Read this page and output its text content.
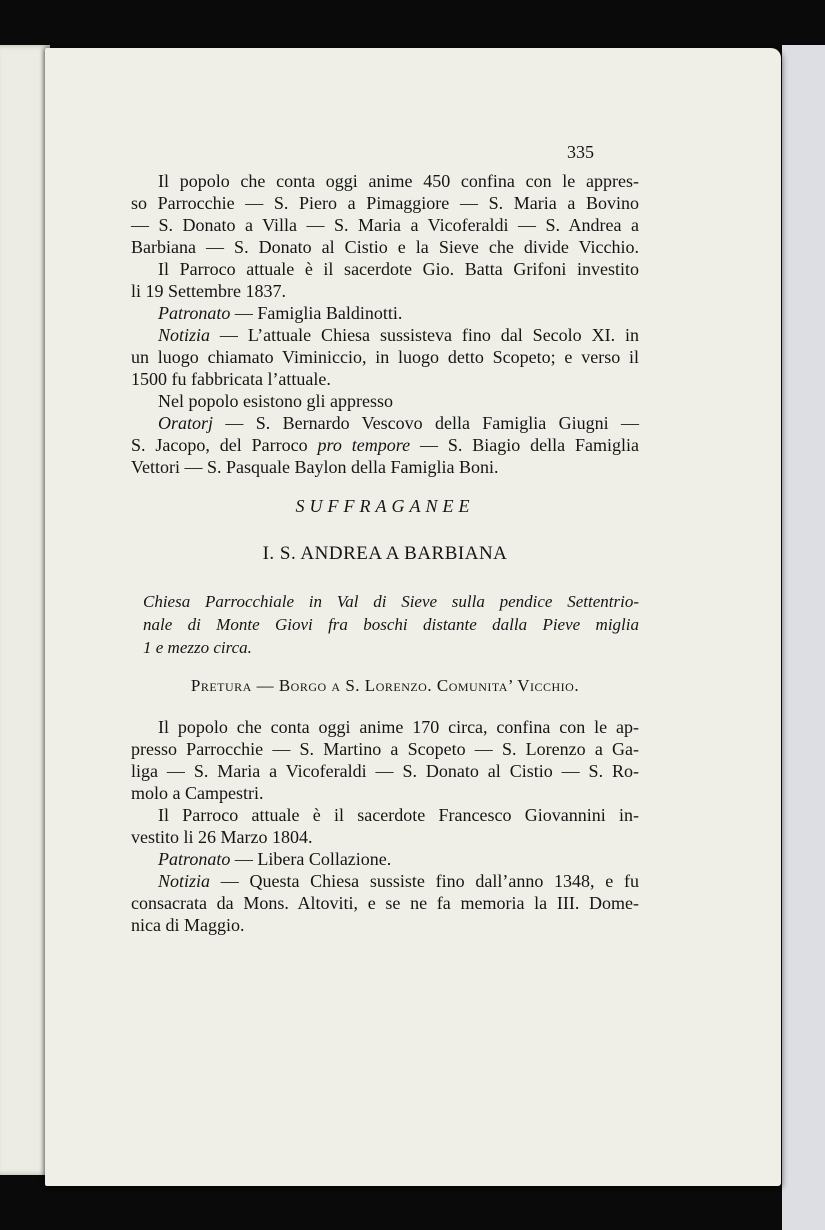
335
Il popolo che conta oggi anime 450 confina con le appres-
so Parrocchie — S. Piero a Pimaggiore — S. Maria a Bovino
— S. Donato a Villa — S. Maria a Vicoferaldi — S. Andrea a
Barbiana — S. Donato al Cistio e la Sieve che divide Vicchio.
Il Parroco attuale è il sacerdote Gio. Batta Grifoni investito
li 19 Settembre 1837.
Patronato — Famiglia Baldinotti.
Notizia — L’attuale Chiesa sussisteva fino dal Secolo XI. in
un luogo chiamato Viminiccio, in luogo detto Scopeto; e verso il
1500 fu fabbricata l’attuale.
Nel popolo esistono gli appresso
Oratorj — S. Bernardo Vescovo della Famiglia Giugni —
S. Jacopo, del Parroco pro tempore — S. Biagio della Famiglia
Vettori — S. Pasquale Baylon della Famiglia Boni.
SUFFRAGANEE
I. S. ANDREA A BARBIANA
Chiesa Parrocchiale in Val di Sieve sulla pendice Settentrio-
nale di Monte Giovi fra boschi distante dalla Pieve miglia
1 e mezzo circa.
Pretura — Borgo a S. Lorenzo. Comunita’ Vicchio.
Il popolo che conta oggi anime 170 circa, confina con le ap-
presso Parrocchie — S. Martino a Scopeto — S. Lorenzo a Ga-
liga — S. Maria a Vicoferaldi — S. Donato al Cistio — S. Ro-
molo a Campestri.
Il Parroco attuale è il sacerdote Francesco Giovannini in-
vestito li 26 Marzo 1804.
Patronato — Libera Collazione.
Notizia — Questa Chiesa sussiste fino dall’anno 1348, e fu
consacrata da Mons. Altoviti, e se ne fa memoria la III. Dome-
nica di Maggio.
